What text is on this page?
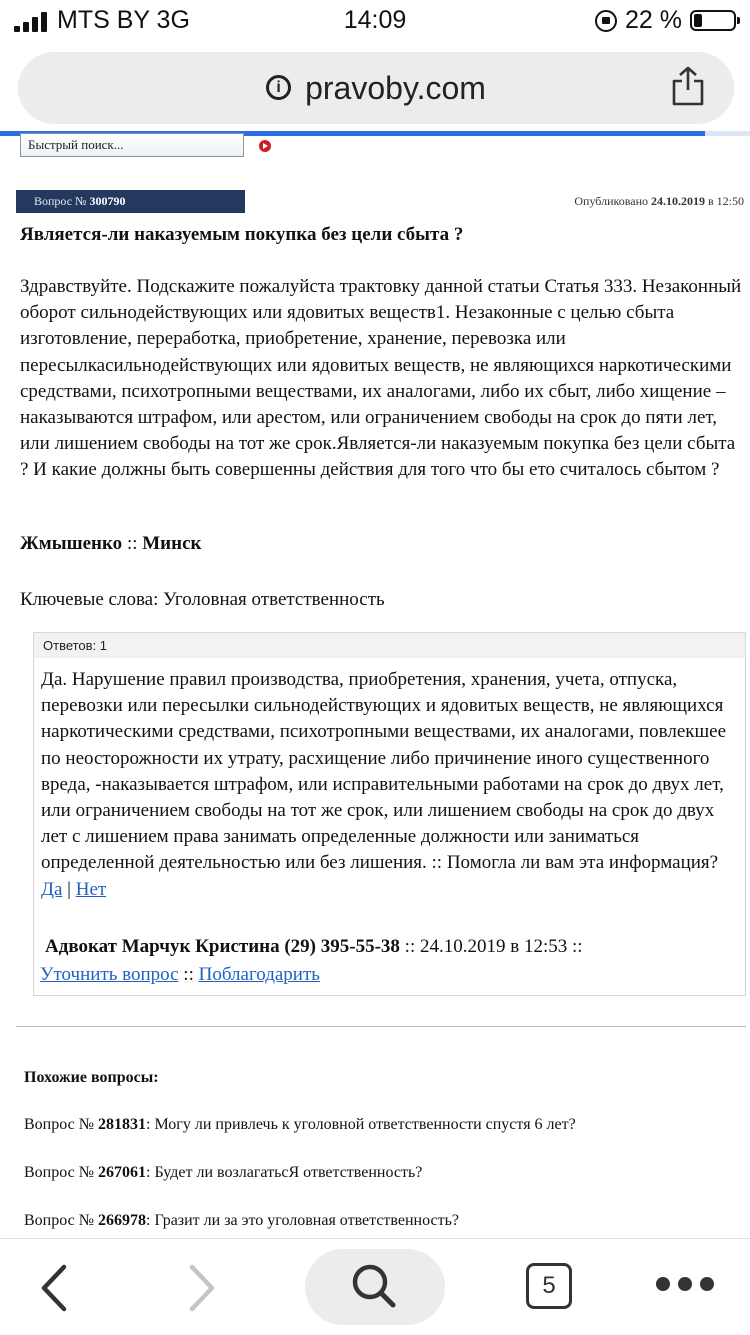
MTS BY 3G	14:09	22 %
i pravoby.com
Быстрый поиск...
Вопрос № 300790	Опубликовано 24.10.2019 в 12:50
Является-ли наказуемым покупка без цели сбыта ?
Здравствуйте. Подскажите пожалуйста трактовку данной статьи Статья 333. Незаконный оборот сильнодействующих или ядовитых веществ1. Незаконные с целью сбыта изготовление, переработка, приобретение, хранение, перевозка или пересылкасильнодействующих или ядовитых веществ, не являющихся наркотическими средствами, психотропными веществами, их аналогами, либо их сбыт, либо хищение –наказываются штрафом, или арестом, или ограничением свободы на срок до пяти лет, или лишением свободы на тот же срок.Является-ли наказуемым покупка без цели сбыта ? И какие должны быть совершенны действия для того что бы ето считалось сбытом ?
Жмышенко :: Минск
Ключевые слова: Уголовная ответственность
Ответов: 1
Да. Нарушение правил производства, приобретения, хранения, учета, отпуска, перевозки или пересылки сильнодействующих и ядовитых веществ, не являющихся наркотическими средствами, психотропными веществами, их аналогами, повлекшее по неосторожности их утрату, расхищение либо причинение иного существенного вреда, -наказывается штрафом, или исправительными работами на срок до двух лет, или ограничением свободы на тот же срок, или лишением свободы на срок до двух лет с лишением права занимать определенные должности или заниматься определенной деятельностью или без лишения. :: Помогла ли вам эта информация? Да | Нет
Адвокат Марчук Кристина (29) 395-55-38 :: 24.10.2019 в 12:53 ::
Уточнить вопрос :: Поблагодарить
Похожие вопросы:
Вопрос № 281831: Могу ли привлечь к уголовной ответственности спустя 6 лет?
Вопрос № 267061: Будет ли возлагатьсЯ ответственность?
Вопрос № 266978: Гразит ли за это уголовная ответственность?
5
